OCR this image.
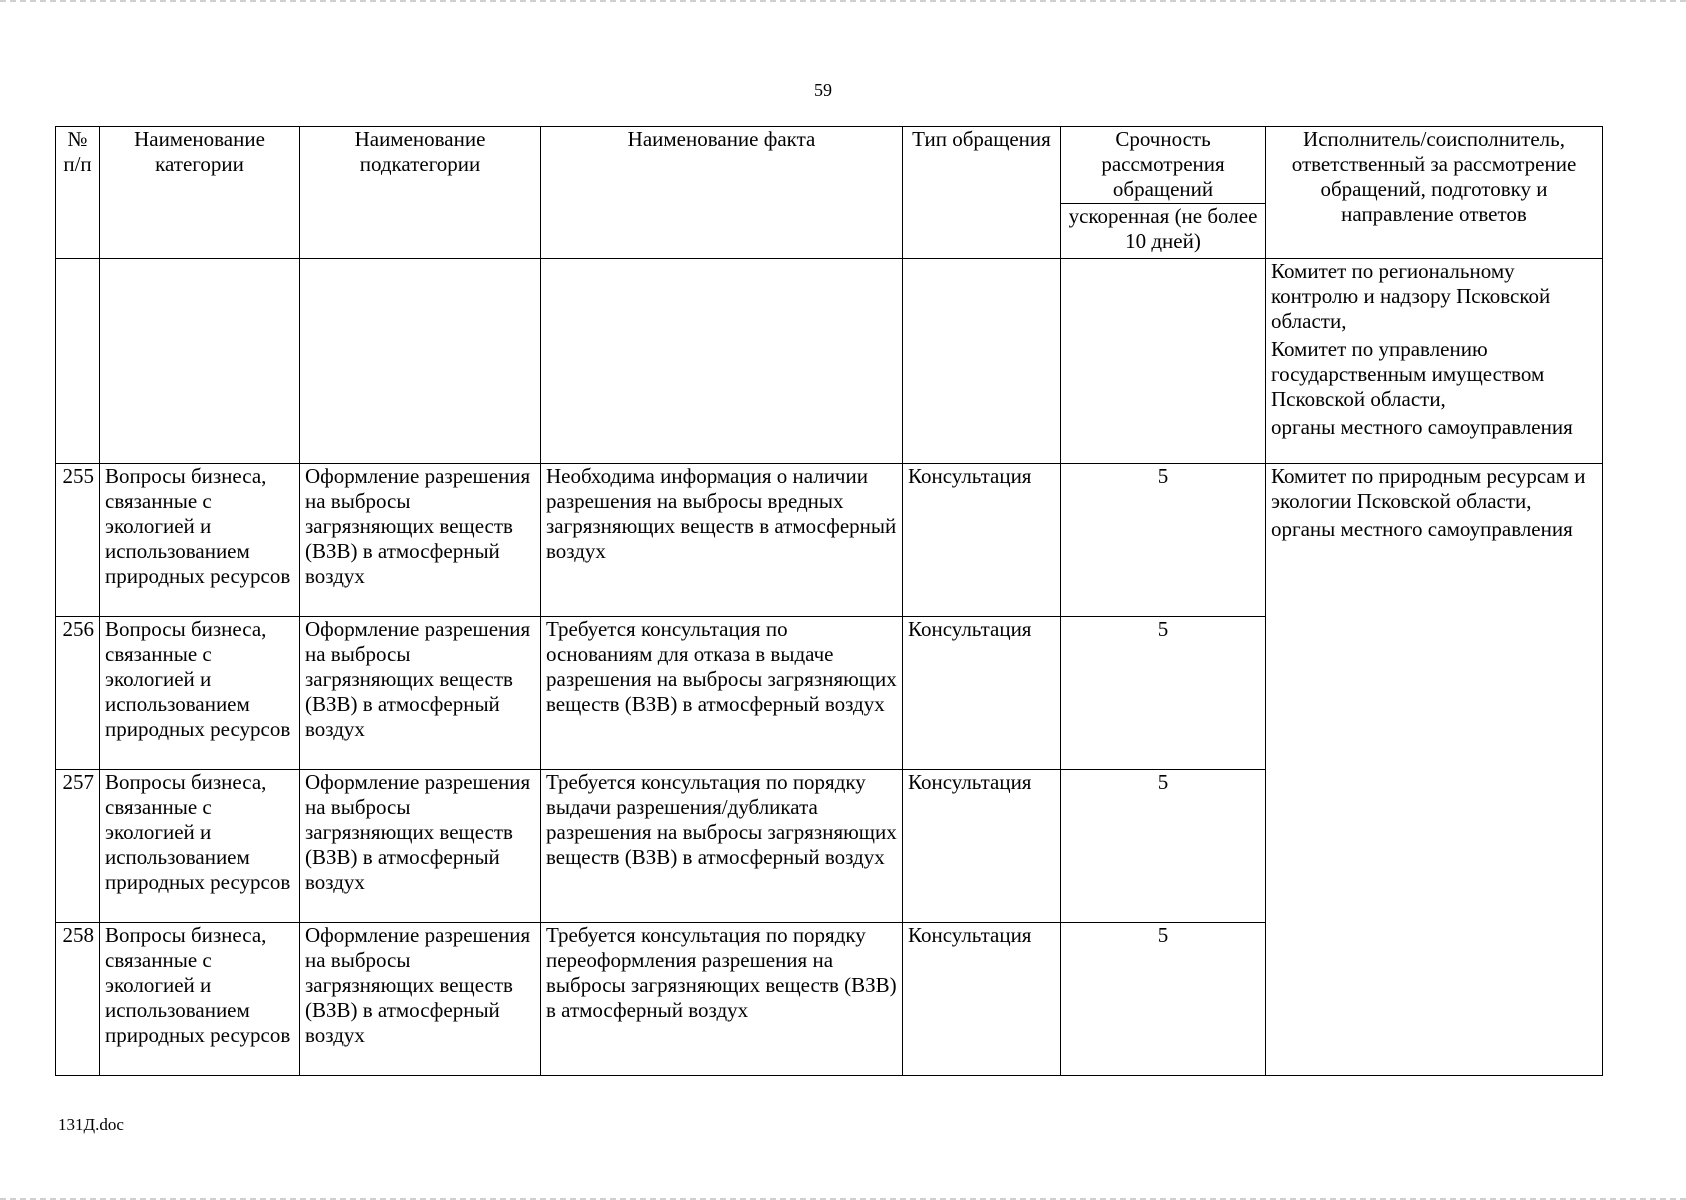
59
№ п/п	Наименование категории	Наименование подкатегории	Наименование факта	Тип обращения	Срочность рассмотрения обращений	Исполнитель/соисполнитель, ответственный за рассмотрение обращений, подготовку и направление ответов
					ускоренная (не более 10 дней)	

						Комитет по региональному контролю и надзору Псковской области,
Комитет по управлению государственным имуществом Псковской области,
органы местного самоуправления

255	Вопросы бизнеса, связанные с экологией и использованием природных ресурсов	Оформление разрешения на выбросы загрязняющих веществ (ВЗВ) в атмосферный воздух	Необходима информация о наличии разрешения на выбросы вредных загрязняющих веществ в атмосферный воздух	Консультация	5	Комитет по природным ресурсам и экологии Псковской области,
органы местного самоуправления

256	Вопросы бизнеса, связанные с экологией и использованием природных ресурсов	Оформление разрешения на выбросы загрязняющих веществ (ВЗВ) в атмосферный воздух	Требуется консультация по основаниям для отказа в выдаче разрешения на выбросы загрязняющих веществ (ВЗВ) в атмосферный воздух	Консультация	5	
257	Вопросы бизнеса, связанные с экологией и использованием природных ресурсов	Оформление разрешения на выбросы загрязняющих веществ (ВЗВ) в атмосферный воздух	Требуется консультация по порядку выдачи разрешения/дубликата разрешения на выбросы загрязняющих веществ (ВЗВ) в атмосферный воздух	Консультация	5	
258	Вопросы бизнеса, связанные с экологией и использованием природных ресурсов	Оформление разрешения на выбросы загрязняющих веществ (ВЗВ) в атмосферный воздух	Требуется консультация по порядку переоформления разрешения на выбросы загрязняющих веществ (ВЗВ) в атмосферный воздух	Консультация	5	
131Д.doc
